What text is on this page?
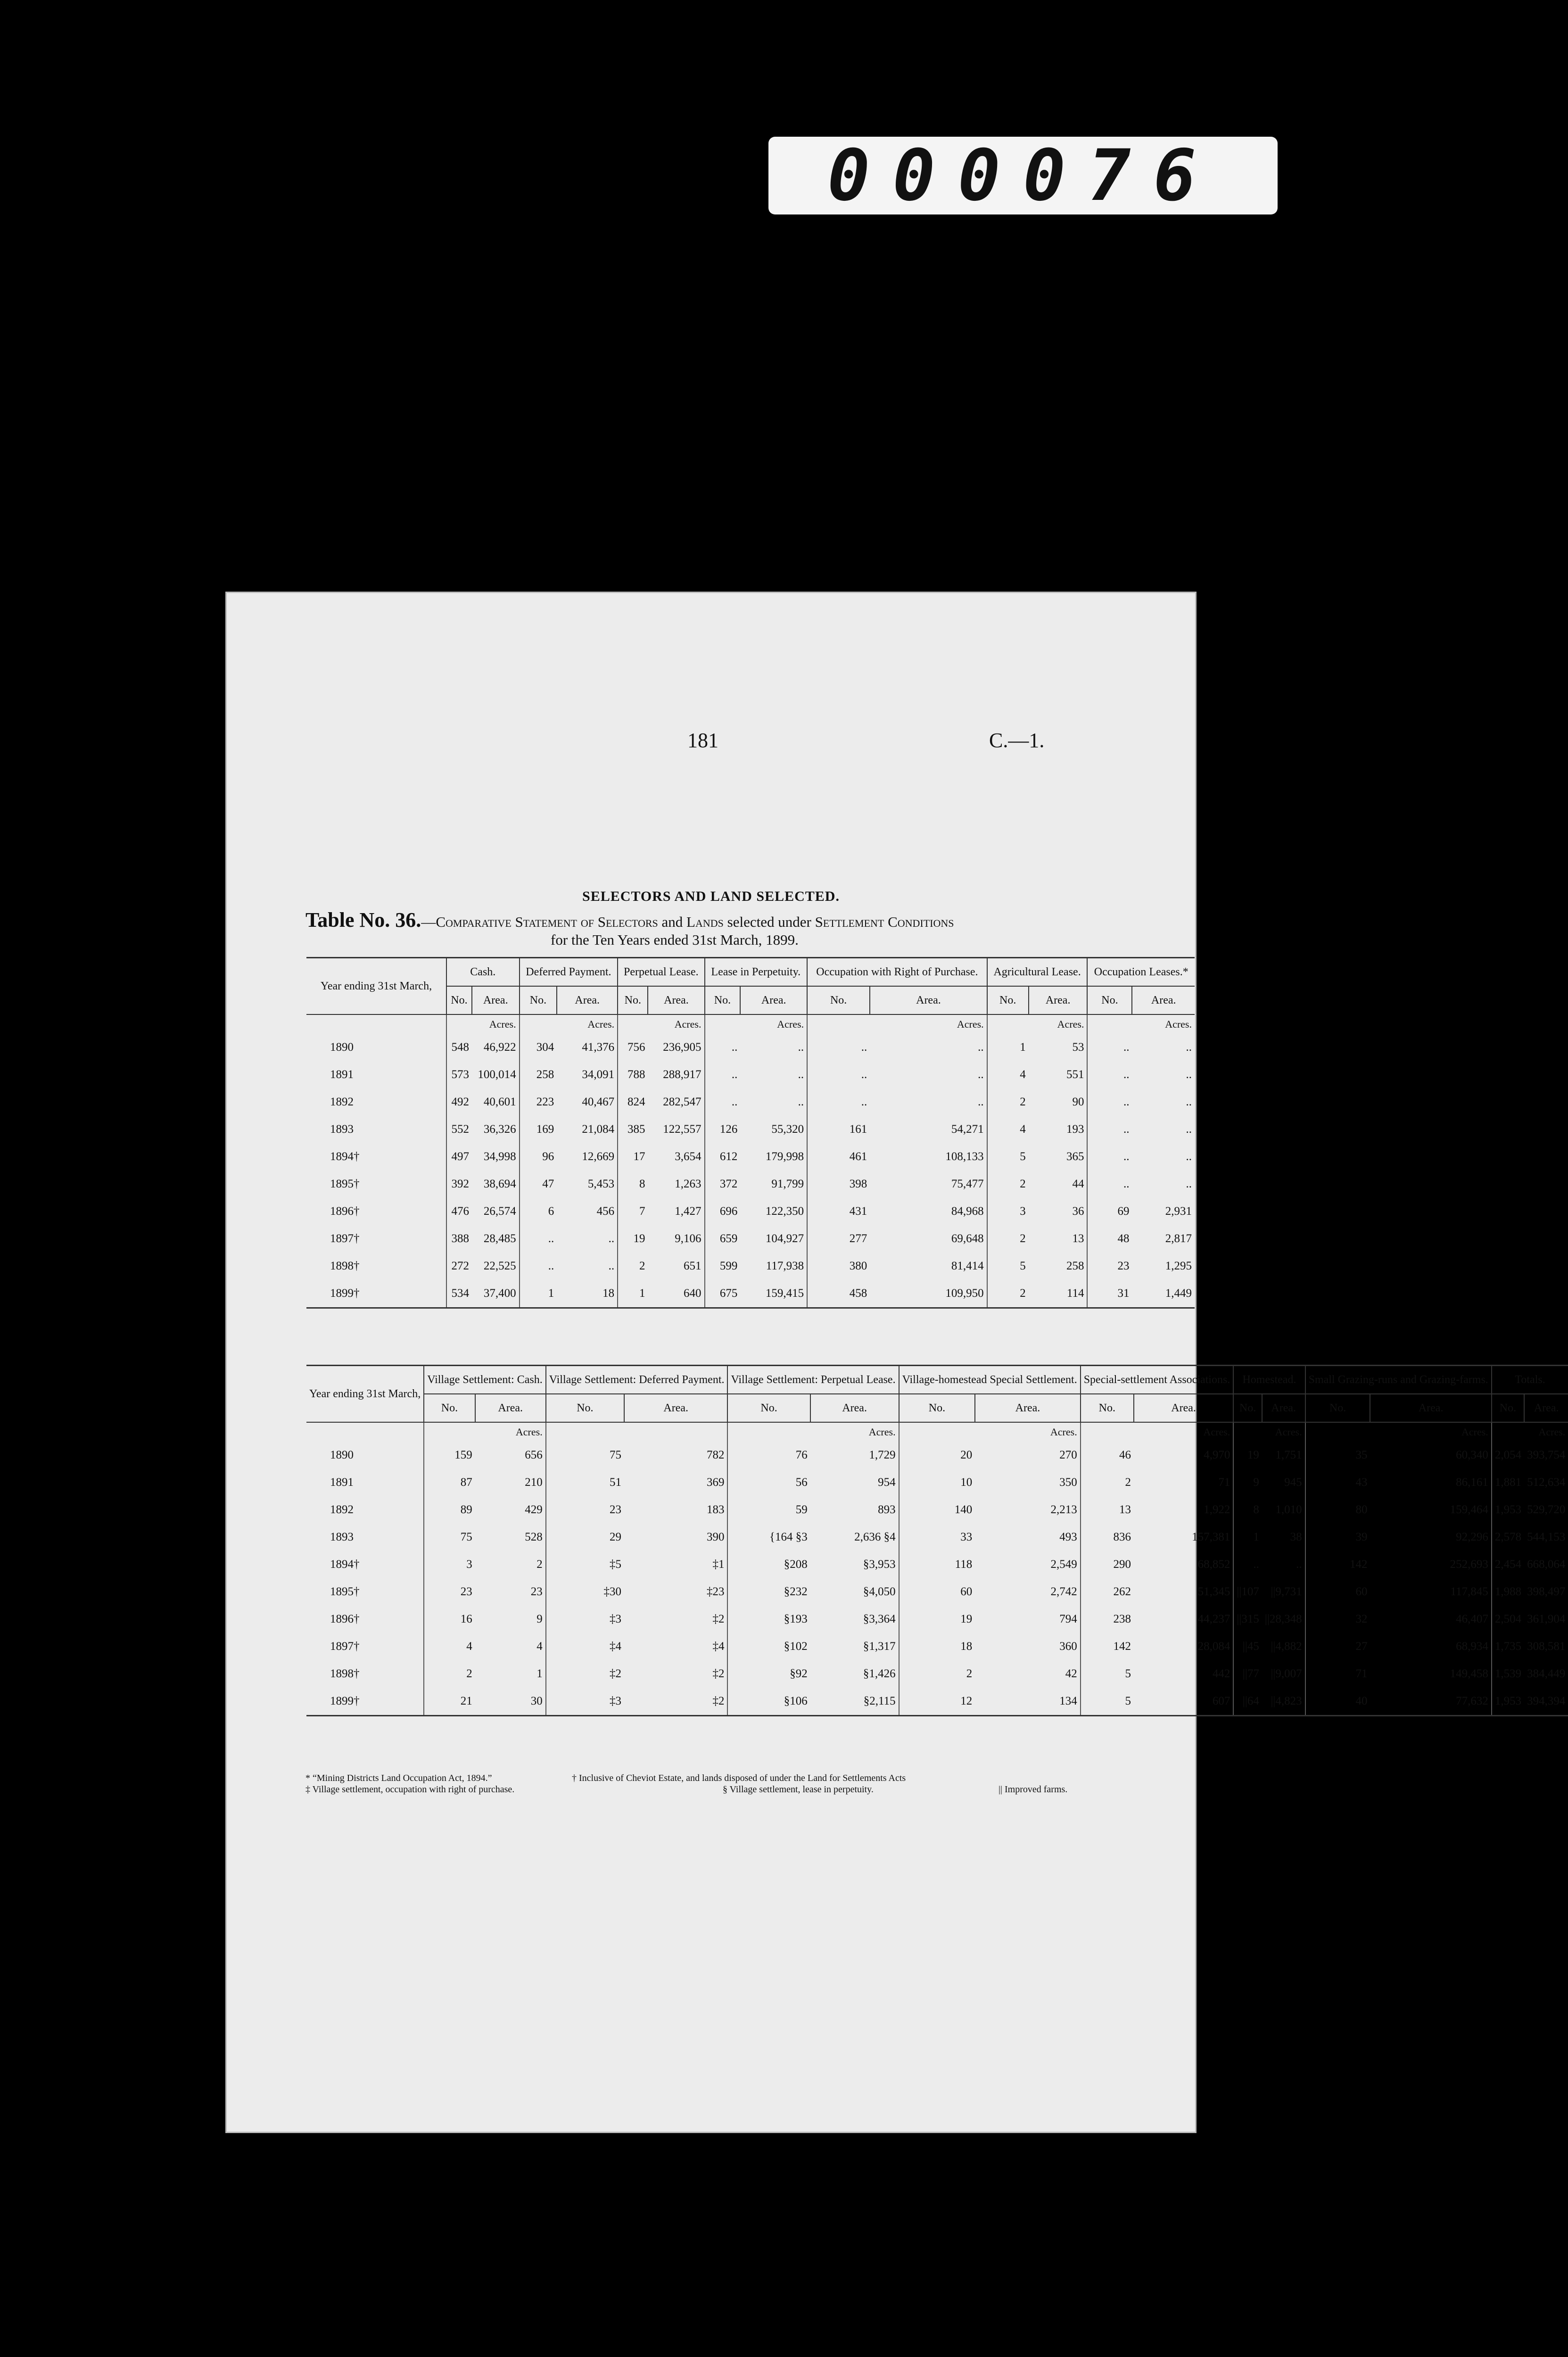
000076
181	C.—1.
SELECTORS AND LAND SELECTED.
Table No. 36.—Comparative Statement of Selectors and Lands selected under Settlement Conditions
for the Ten Years ended 31st March, 1899.
Year ending 31st March,	Cash.		Deferred Payment.		Perpetual Lease.		Lease in Perpetuity.		Occupation with Right of Purchase.		Agricultural Lease.		Occupation Leases.*	
	No.	Area.	No.	Area.	No.	Area.	No.	Area.	No.	Area.	No.	Area.	No.	Area.
		Acres.		Acres.		Acres.		Acres.		Acres.		Acres.		Acres.
1890	548	46,922	304	41,376	756	236,905	..	..	..	..	1	53	..	..
1891	573	100,014	258	34,091	788	288,917	..	..	..	..	4	551	..	..
1892	492	40,601	223	40,467	824	282,547	..	..	..	..	2	90	..	..
1893	552	36,326	169	21,084	385	122,557	126	55,320	161	54,271	4	193	..	..
1894†	497	34,998	96	12,669	17	3,654	612	179,998	461	108,133	5	365	..	..
1895†	392	38,694	47	5,453	8	1,263	372	91,799	398	75,477	2	44	..	..
1896†	476	26,574	6	456	7	1,427	696	122,350	431	84,968	3	36	69	2,931
1897†	388	28,485	..	..	19	9,106	659	104,927	277	69,648	2	13	48	2,817
1898†	272	22,525	..	..	2	651	599	117,938	380	81,414	5	258	23	1,295
1899†	534	37,400	1	18	1	640	675	159,415	458	109,950	2	114	31	1,449
Year ending 31st March,	Village Settlement: Cash.		Village Settlement: Deferred Payment.		Village Settlement: Perpetual Lease.		Village-homestead Special Settlement.		Special-settlement Associations.		Homestead.		Small Grazing-runs and Grazing-farms.		Totals.	
	No.	Area.	No.	Area.	No.	Area.	No.	Area.	No.	Area.	No.	Area.	No.	Area.	No.	Area.
		Acres.				Acres.		Acres.		Acres.		Acres.		Acres.		Acres.
1890	159	656	75	782	76	1,729	20	270	46	4,970	19	1,751	35	60,340	2,054	393,754
1891	87	210	51	369	56	954	10	350	2	71	9	945	43	86,161	1,881	512,634
1892	89	429	23	183	59	893	140	2,213	13	1,922	8	1,010	80	159,464	1,953	529,720
1893	75	528	29	390	{164 §3	2,636 §4	33	493	836	157,381	1	38	39	92,296	2,578	544,153
1894†	3	2	‡5	‡1	§208	§3,953	118	2,549	290	68,852	..	..	142	252,693	2,454	668,064
1895†	23	23	‡30	‡23	§232	§4,050	60	2,742	262	51,345	||107	||9,731	60	117,845	1,988	398,497
1896†	16	9	‡3	‡2	§193	§3,364	19	794	238	44,237	||315	||28,348	32	46,407	2,504	361,904
1897†	4	4	‡4	‡4	§102	§1,317	18	360	142	28,084	||45	||4,882	27	68,934	1,735	308,581
1898†	2	1	‡2	‡2	§92	§1,426	2	42	5	442	||77	||9,007	71	149,458	1,539	384,449
1899†	21	30	‡3	‡2	§106	§2,115	12	134	5	607	||64	||4,823	40	77,632	1,953	394,394
* “Mining Districts Land Occupation Act, 1894.”	† Inclusive of Cheviot Estate, and lands disposed of under the Land for Settlements Acts
‡ Village settlement, occupation with right of purchase.	§ Village settlement, lease in perpetuity.	|| Improved farms.
